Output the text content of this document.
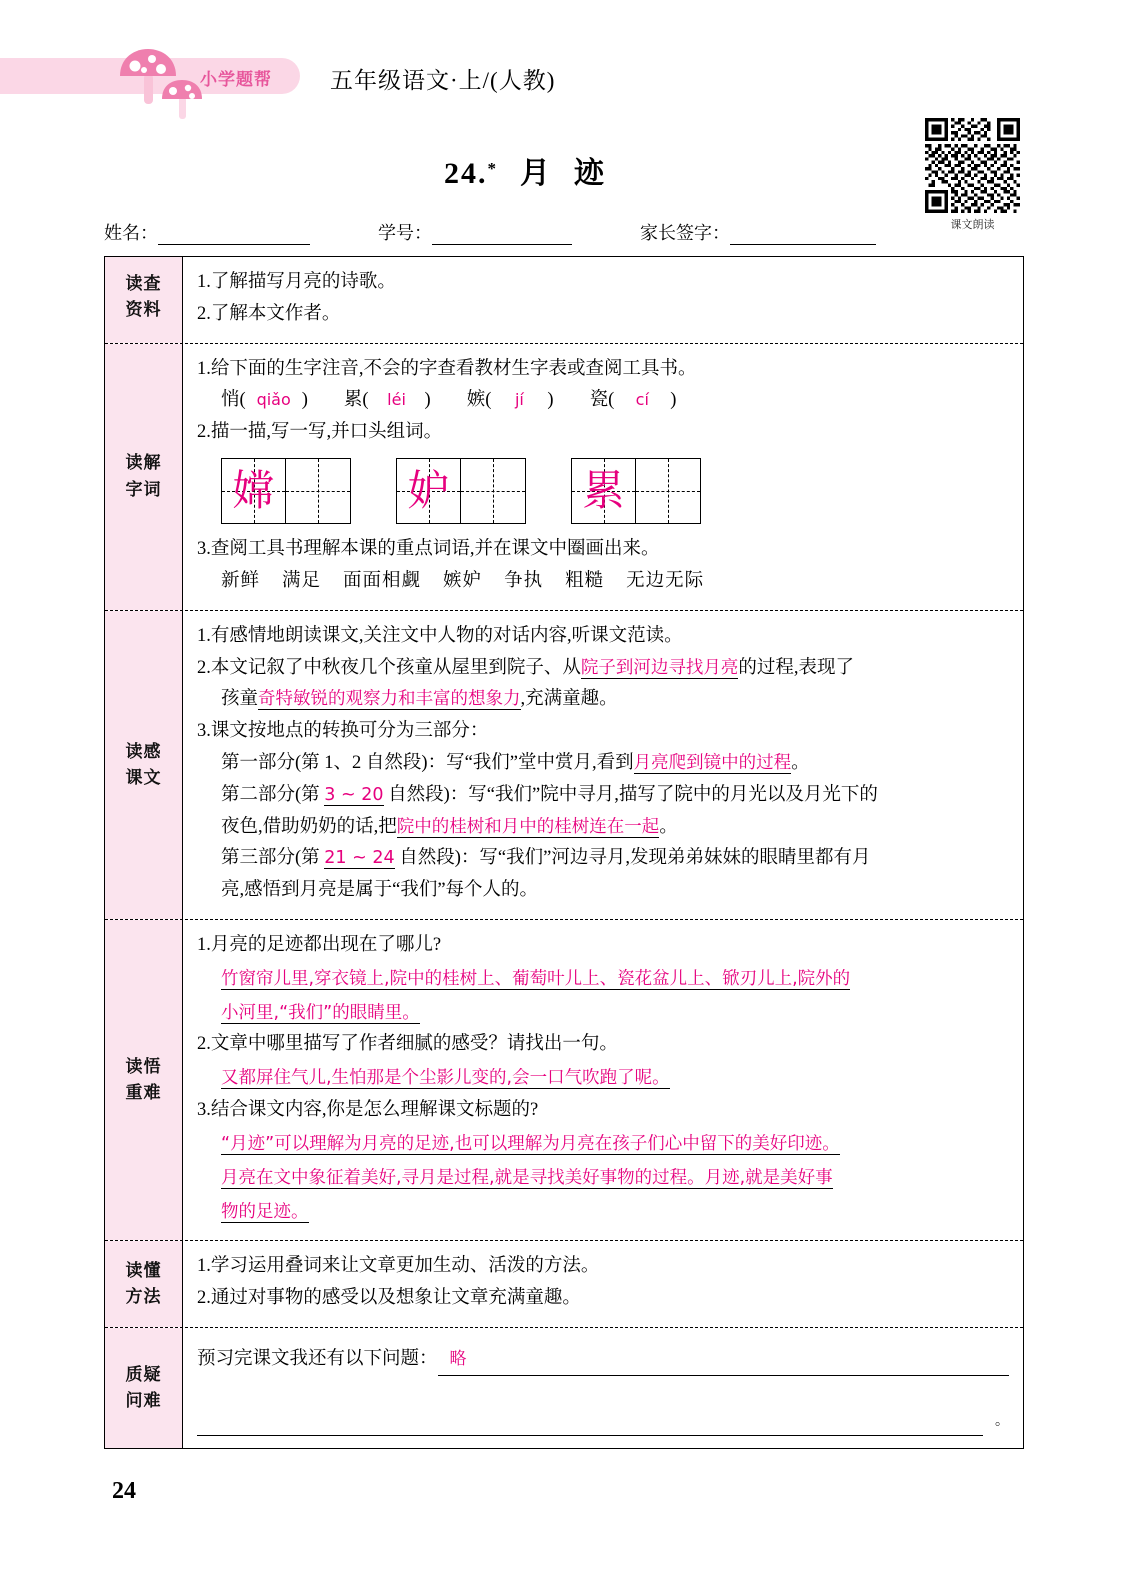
小学题帮	五年级语文·上/(人教)
课文朗读
24.* 月 迹
姓名：	学号：	家长签字：
读查
资料
1.了解描写月亮的诗歌。
2.了解本文作者。
读解
字词
1.给下面的生字注音,不会的字查看教材生字表或查阅工具书。
悄 ( qiǎo ) 累 (	léi	) 嫉 (	jí	) 瓷 (	cí	)
2.描一描,写一写,并口头组词。
嫦	妒	累
3.查阅工具书理解本课的重点词语,并在课文中圈画出来。
新鲜 满足 面面相觑 嫉妒 争执 粗糙 无边无际
读感
课文
1.有感情地朗读课文,关注文中人物的对话内容,听课文范读。
2.本文记叙了中秋夜几个孩童从屋里到院子、从院子到河边寻找月亮的过程,表现了
孩童奇特敏锐的观察力和丰富的想象力,充满童趣。
3.课文按地点的转换可分为三部分：
第一部分(第 1、2 自然段)：写“我们”堂中赏月,看到月亮爬到镜中的过程。
第二部分(第 3 ~ 20 自然段)：写“我们”院中寻月,描写了院中的月光以及月光下的
夜色,借助奶奶的话,把院中的桂树和月中的桂树连在一起。
第三部分(第 21 ~ 24 自然段)：写“我们”河边寻月,发现弟弟妹妹的眼睛里都有月
亮,感悟到月亮是属于“我们”每个人的。
读悟
重难
1.月亮的足迹都出现在了哪儿?
竹窗帘儿里,穿衣镜上,院中的桂树上、葡萄叶儿上、瓷花盆儿上、锨刃儿上,院外的
小河里,“我们”的眼睛里。
2.文章中哪里描写了作者细腻的感受？请找出一句。
又都屏住气儿,生怕那是个尘影儿变的,会一口气吹跑了呢。
3.结合课文内容,你是怎么理解课文标题的?
“月迹”可以理解为月亮的足迹,也可以理解为月亮在孩子们心中留下的美好印迹。
月亮在文中象征着美好,寻月是过程,就是寻找美好事物的过程。月迹,就是美好事
物的足迹。
读懂
方法
1.学习运用叠词来让文章更加生动、活泼的方法。
2.通过对事物的感受以及想象让文章充满童趣。
质疑
问难
预习完课文我还有以下问题： 略
。
24
